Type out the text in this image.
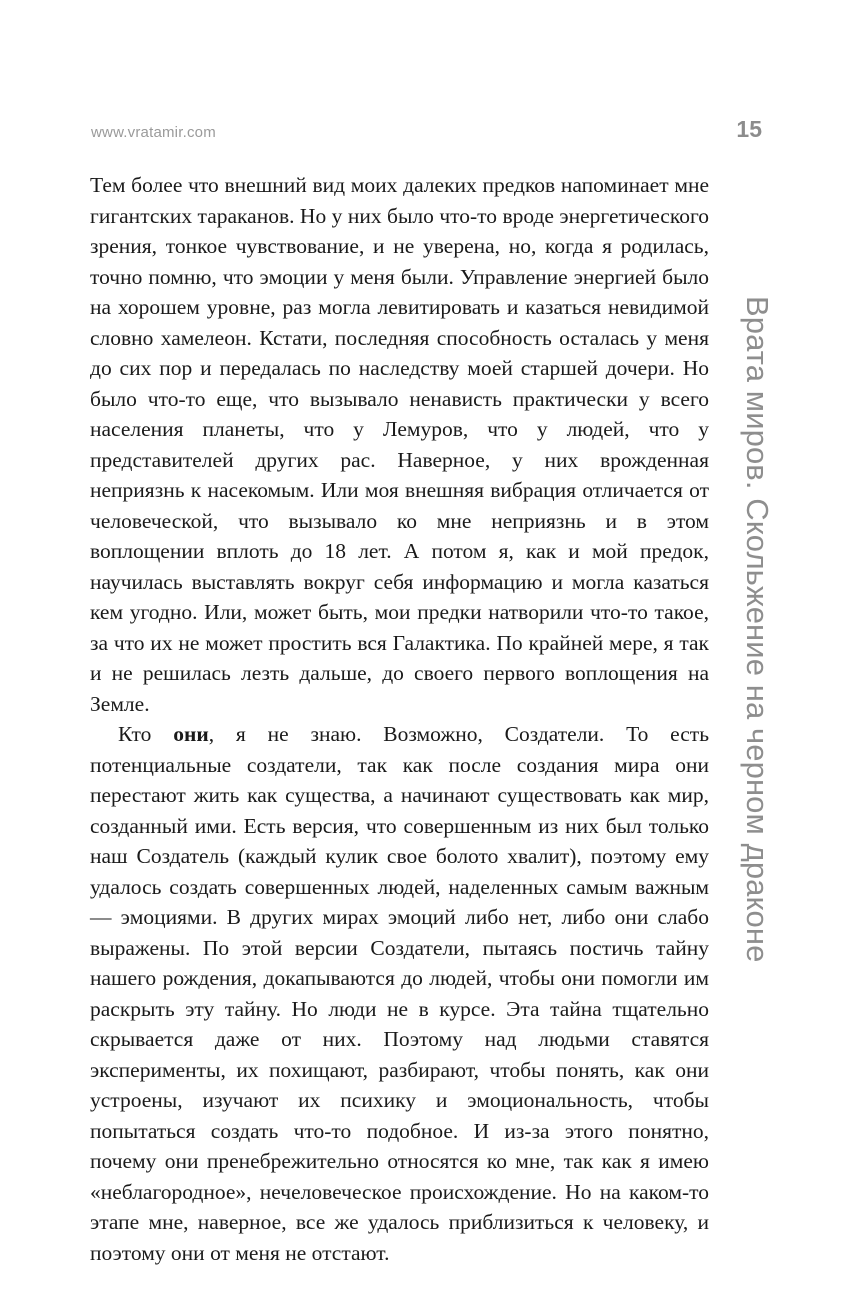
www.vratamir.com	15
Врата миров. Скольжение на черном драконе

Тем более что внешний вид моих далеких предков напоминает мне гигантских тараканов. Но у них было что-то вроде энергетического зрения, тонкое чувствование, и не уверена, но, когда я родилась, точно помню, что эмоции у меня были. Управление энергией было на хорошем уровне, раз могла левитировать и казаться невидимой словно хамелеон. Кстати, последняя способность осталась у меня до сих пор и передалась по наследству моей старшей дочери. Но было что-то еще, что вызывало ненависть практически у всего населения планеты, что у Лемуров, что у людей, что у представителей других рас. Наверное, у них врожденная неприязнь к насекомым. Или моя внешняя вибрация отличается от человеческой, что вызывало ко мне неприязнь и в этом воплощении вплоть до 18 лет. А потом я, как и мой предок, научилась выставлять вокруг себя информацию и могла казаться кем угодно. Или, может быть, мои предки натворили что-то такое, за что их не может простить вся Галактика. По крайней мере, я так и не решилась лезть дальше, до своего первого воплощения на Земле.

Кто они, я не знаю. Возможно, Создатели. То есть потенциальные создатели, так как после создания мира они перестают жить как существа, а начинают существовать как мир, созданный ими. Есть версия, что совершенным из них был только наш Создатель (каждый кулик свое болото хвалит), поэтому ему удалось создать совершенных людей, наделенных самым важным — эмоциями. В других мирах эмоций либо нет, либо они слабо выражены. По этой версии Создатели, пытаясь постичь тайну нашего рождения, докапываются до людей, чтобы они помогли им раскрыть эту тайну. Но люди не в курсе. Эта тайна тщательно скрывается даже от них. Поэтому над людьми ставятся эксперименты, их похищают, разбирают, чтобы понять, как они устроены, изучают их психику и эмоциональность, чтобы попытаться создать что-то подобное. И из-за этого понятно, почему они пренебрежительно относятся ко мне, так как я имею «неблагородное», нечеловеческое происхождение. Но на каком-то этапе мне, наверное, все же удалось приблизиться к человеку, и поэтому они от меня не отстают.
